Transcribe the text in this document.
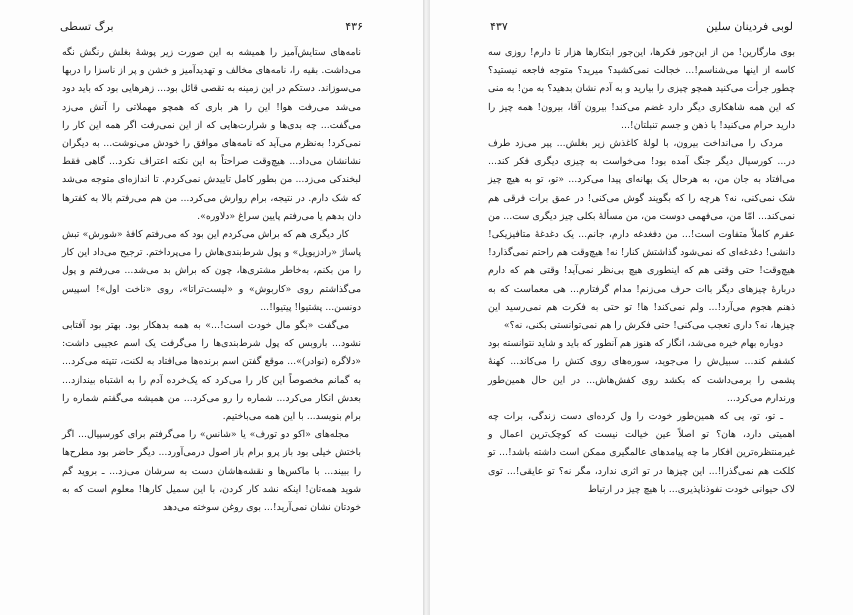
۴۳۶
برگ تسطی

نامه‌های ستایش‌آمیز را همیشه به این صورت زیر پوشهٔ بغلش رنگش نگه می‌داشت. بقیه را، نامه‌های مخالف و تهدیدآمیز و خشن و پر از ناسزا را دربها می‌سوزاند. دستکم در این زمینه به تقصی قائل بود... زهرهایی بود که باید دود می‌شد می‌رفت هوا! این را هر باری که همچو مهملاتی را آتش می‌زد می‌گفت... چه بدی‌ها و شرارت‌هایی که از این نمی‌رفت اگر همه این کار را نمی‌کرد! به‌نظرم می‌آید که نامه‌های موافق را خودش می‌نوشت... به دیگران نشانشان می‌داد... هیچ‌وقت صراحتاً به این نکته اعتراف نکرد... گاهی فقط لبخندکی می‌زد... من بطور کامل تاییدش نمی‌کردم. تا اندازه‌ای متوجه می‌شد که شک دارم. در نتیجه، برام روارش می‌کرد... من هم می‌رفتم بالا به کفترها دان بدهم یا می‌رفتم پایین سراغ «دلاوره».

کار دیگری هم که براش می‌کردم این بود که می‌رفتم کافهٔ «شورش» تبش پاساژ «رادزیویل» و پول شرط‌بندی‌هاش را می‌پرداختم. ترجیح می‌داد این کار را من بکنم، به‌خاطر مشتری‌ها، چون که براش بد می‌شد... می‌رفتم و پول می‌گذاشتم روی «کاربوش» و «لیست‌تراتا»، روی «ناخت اول»! اسپیس دونسن... پشتیوا! پیتیوا!...

می‌گفت «بگو مال خودت است!...» به همه بدهکار بود. بهتر بود آفتابی نشود... باروبس که پول شرط‌بندی‌ها را می‌گرفت یک اسم عجیبی داشت: «دلاگره (نوادر)»... موقع گفتن اسم برنده‌ها می‌افتاد به لکنت، تتپته می‌کرد... به گمانم مخصوصاً این کار را می‌کرد که یک‌خرده آدم را به اشتباه بیندازد... بعدش انکار می‌کرد... شماره را رو می‌کرد... من همیشه می‌گفتم شماره را برام بنویسد... با این همه می‌باختیم.

مجله‌های «اکو دو تورف» یا «شانس» را می‌گرفتم برای کورسپیال... اگر باختش خیلی بود باز پرو برام باز اصول درمی‌آورد... دیگر حاضر بود مطرح‌ها را ببیند... با ماکس‌ها و نقشه‌هاشان دست به سرشان می‌زد... ـ بروید گم شوید همه‌تان! اینکه نشد کار کردن، با این سمیل کارها! معلوم است که به خودتان نشان نمی‌آرید!... بوی روغن سوخته می‌دهد

۴۳۷	لوبی فردینان سلین

بوی مارگارین! من از این‌جور فکرها، این‌جور ابتکارها هزار تا دارم! روزی سه کاسه از اینها می‌شناسم!... خجالت نمی‌کشید؟ میرید؟ متوجه فاجعه نیستید؟ چطور جرأت می‌کنید همچو چیزی را بیارید و به آدم نشان بدهید؟ به من! به منی که این همه شاهکاری دیگر دارد غضم می‌کند! بیرون آقا، بیرون! همه چیز را دارید حرام می‌کنید! با ذهن و جسم تنبلتان!...

مردک را می‌انداخت بیرون، با لولهٔ کاغذش زیر بغلش... پیر می‌زد طرف در... کورسیال دیگر جنگ آمده بود! می‌خواست به چیزی دیگری فکر کند... می‌افتاد به جان من، به هرحال یک بهانه‌ای پیدا می‌کرد... «تو، تو به هیچ چیز شک نمی‌کنی، نه؟ هرچه را که بگویند گوش می‌کنی! در عمق برات فرقی هم نمی‌کند... امّا من، می‌فهمی دوست من، من مسألهٔ بکلی چیز دیگری ست... من عقرم کاملاً متفاوت است!... من دفغدغه دارم، جانم... یک دغدغهٔ متافیزیکی! دانشی! دغدغه‌ای که نمی‌شود گذاشتش کنار! نه! هیچ‌وقت هم راحتم نمی‌گذارد! هیچ‌وقت! حتی وقتی هم که اینطوری هیچ بی‌نظر نمی‌آید! وقتی هم که دارم دربارهٔ چیزهای دیگر باات حرف می‌زنم! مدام گرفتارم... هی معماست که به ذهنم هجوم می‌آرد!... ولم نمی‌کند! ها! تو حتی به فکرت هم نمی‌رسید این چیزها، نه؟ داری تعجب می‌کنی! حتی فکرش را هم نمی‌توانستی بکنی، نه؟»

دوباره بهام خیره می‌شد، انگار که هنوز هم آنطور که باید و شاید نتوانسته بود کشفم کند... سبیل‌ش را می‌جوید، سوره‌های روی کتش را می‌کاند... کهنهٔ پشمی را برمی‌داشت که بکشد روی کفش‌هاش... در این حال همین‌طور ورندارم می‌کرد...

ـ تو، تو، یی که همین‌طور خودت را ول کرده‌ای دست زندگی، برات چه اهمیتی دارد، هان؟ تو اصلاً عین خیالت نیست که کوچک‌ترین اعمال و غیرمنتظره‌ترین افکار ما چه پیامدهای عالمگیری ممکن است داشته باشد!... تو کلکت هم نمی‌گذرا!... این چیزها در تو اثری ندارد، مگر نه؟ تو عایقی!... توی لاک حیوانی خودت نفوذناپذیری... با هیچ چیز در ارتباط
